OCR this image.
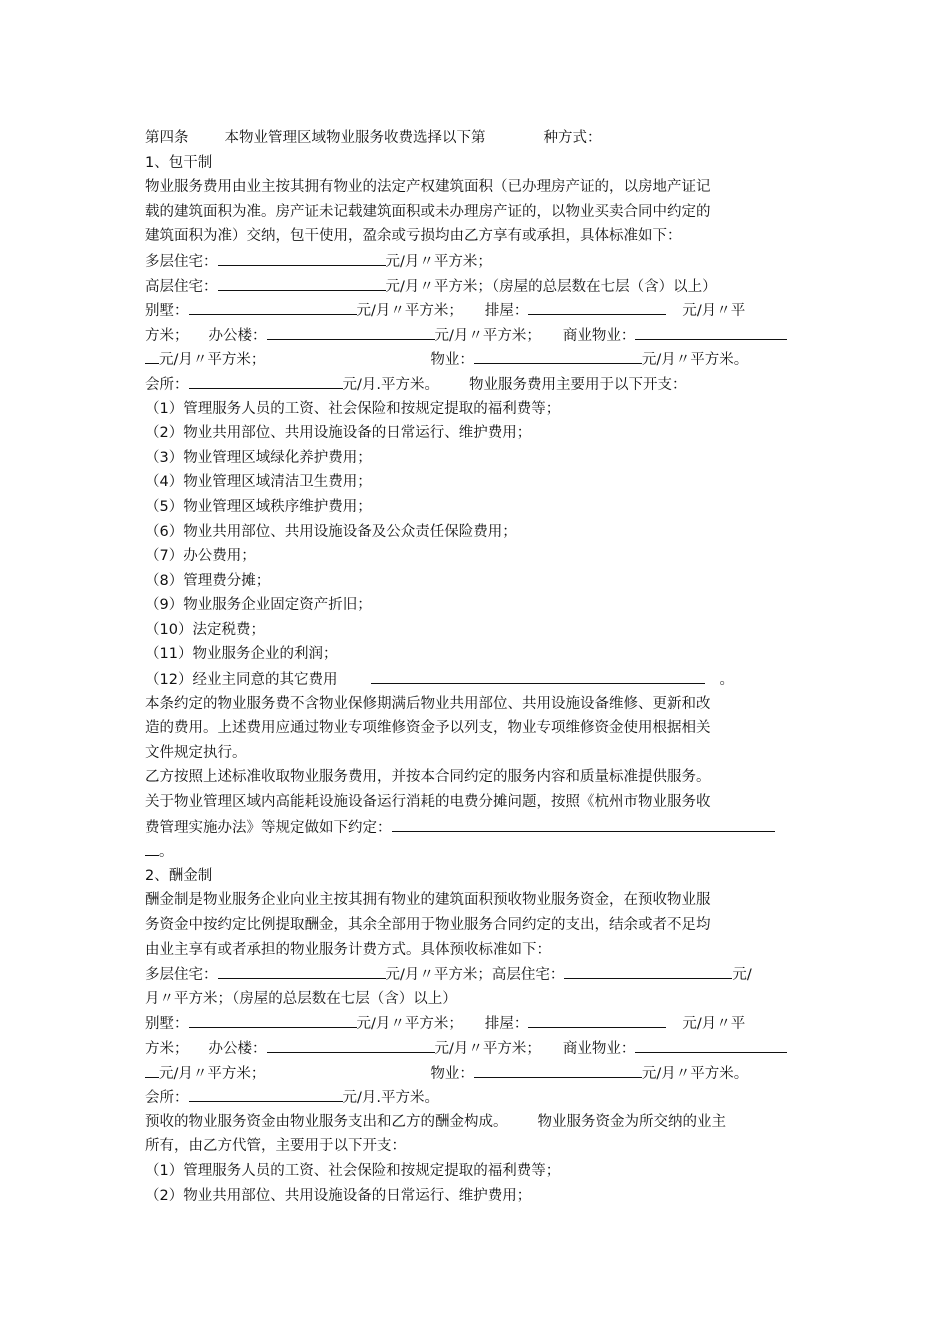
第四条 本物业管理区域物业服务收费选择以下第	种方式：
1、包干制
物业服务费用由业主按其拥有物业的法定产权建筑面积（已办理房产证的，以房地产证记
载的建筑面积为准。房产证未记载建筑面积或未办理房产证的，以物业买卖合同中约定的
建筑面积为准）交纳，包干使用，盈余或亏损均由乙方享有或承担，具体标准如下：
多层住宅：	元/月〃平方米；
高层住宅：	元/月〃平方米；（房屋的总层数在七层（含）以上）
别墅：	元/月〃平方米； 排屋：	元/月〃平
方米； 办公楼：	元/月〃平方米； 商业物业：
元/月〃平方米；	物业：	元/月〃平方米。
会所：	元/月.平方米。 物业服务费用主要用于以下开支：
（1）管理服务人员的工资、社会保险和按规定提取的福利费等；
（2）物业共用部位、共用设施设备的日常运行、维护费用；
（3）物业管理区域绿化养护费用；
（4）物业管理区域清洁卫生费用；
（5）物业管理区域秩序维护费用；
（6）物业共用部位、共用设施设备及公众责任保险费用；
（7）办公费用；
（8）管理费分摊；
（9）物业服务企业固定资产折旧；
（10）法定税费；
（11）物业服务企业的利润；
（12）经业主同意的其它费用	。
本条约定的物业服务费不含物业保修期满后物业共用部位、共用设施设备维修、更新和改
造的费用。上述费用应通过物业专项维修资金予以列支，物业专项维修资金使用根据相关
文件规定执行。
乙方按照上述标准收取物业服务费用，并按本合同约定的服务内容和质量标准提供服务。
关于物业管理区域内高能耗设施设备运行消耗的电费分摊问题，按照《杭州市物业服务收
费管理实施办法》等规定做如下约定：
。
2、酬金制
酬金制是物业服务企业向业主按其拥有物业的建筑面积预收物业服务资金，在预收物业服
务资金中按约定比例提取酬金，其余全部用于物业服务合同约定的支出，结余或者不足均
由业主享有或者承担的物业服务计费方式。具体预收标准如下：
多层住宅：	元/月〃平方米；高层住宅：	元/
月〃平方米；（房屋的总层数在七层（含）以上）
别墅：	元/月〃平方米； 排屋：	元/月〃平
方米； 办公楼：	元/月〃平方米； 商业物业：
元/月〃平方米；	物业：	元/月〃平方米。
会所：	元/月.平方米。
预收的物业服务资金由物业服务支出和乙方的酬金构成。 物业服务资金为所交纳的业主
所有，由乙方代管，主要用于以下开支：
（1）管理服务人员的工资、社会保险和按规定提取的福利费等；
（2）物业共用部位、共用设施设备的日常运行、维护费用；
